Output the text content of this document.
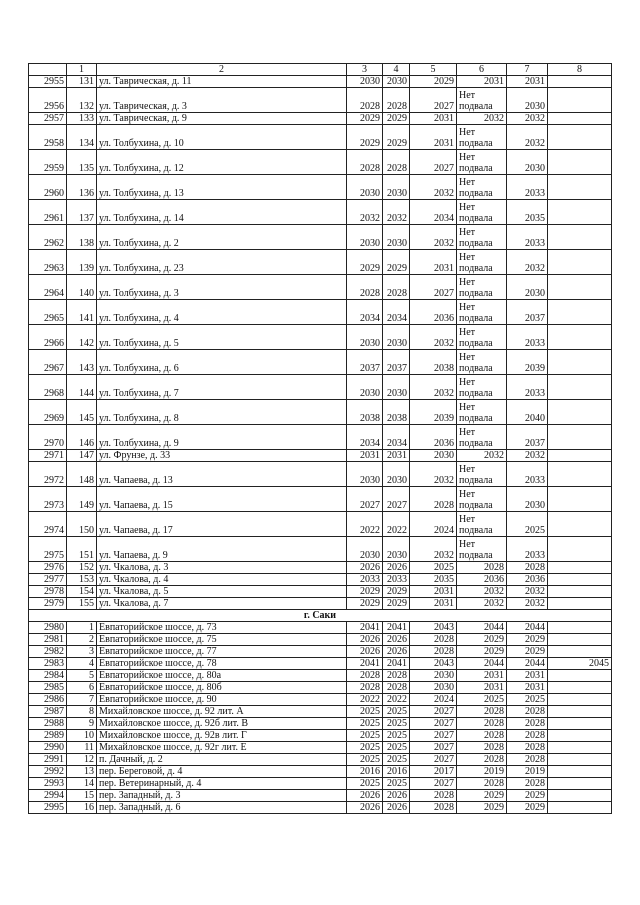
	1	2	3	4	5	6	7	8
2955	131	ул. Таврическая, д. 11	2030	2030	2029	2031	2031	
2956	132	ул. Таврическая, д. 3	2028	2028	2027	Нет подвала	2030	
2957	133	ул. Таврическая, д. 9	2029	2029	2031	2032	2032	
2958	134	ул. Толбухина, д. 10	2029	2029	2031	Нет подвала	2032	
2959	135	ул. Толбухина, д. 12	2028	2028	2027	Нет подвала	2030	
2960	136	ул. Толбухина, д. 13	2030	2030	2032	Нет подвала	2033	
2961	137	ул. Толбухина, д. 14	2032	2032	2034	Нет подвала	2035	
2962	138	ул. Толбухина, д. 2	2030	2030	2032	Нет подвала	2033	
2963	139	ул. Толбухина, д. 23	2029	2029	2031	Нет подвала	2032	
2964	140	ул. Толбухина, д. 3	2028	2028	2027	Нет подвала	2030	
2965	141	ул. Толбухина, д. 4	2034	2034	2036	Нет подвала	2037	
2966	142	ул. Толбухина, д. 5	2030	2030	2032	Нет подвала	2033	
2967	143	ул. Толбухина, д. 6	2037	2037	2038	Нет подвала	2039	
2968	144	ул. Толбухина, д. 7	2030	2030	2032	Нет подвала	2033	
2969	145	ул. Толбухина, д. 8	2038	2038	2039	Нет подвала	2040	
2970	146	ул. Толбухина, д. 9	2034	2034	2036	Нет подвала	2037	
2971	147	ул. Фрунзе, д. 33	2031	2031	2030	2032	2032	
2972	148	ул. Чапаева, д. 13	2030	2030	2032	Нет подвала	2033	
2973	149	ул. Чапаева, д. 15	2027	2027	2028	Нет подвала	2030	
2974	150	ул. Чапаева, д. 17	2022	2022	2024	Нет подвала	2025	
2975	151	ул. Чапаева, д. 9	2030	2030	2032	Нет подвала	2033	
2976	152	ул. Чкалова, д. 3	2026	2026	2025	2028	2028	
2977	153	ул. Чкалова, д. 4	2033	2033	2035	2036	2036	
2978	154	ул. Чкалова, д. 5	2029	2029	2031	2032	2032	
2979	155	ул. Чкалова, д. 7	2029	2029	2031	2032	2032	
г. Саки								
2980	1	Евпаторийское шоссе, д. 73	2041	2041	2043	2044	2044	
2981	2	Евпаторийское шоссе, д. 75	2026	2026	2028	2029	2029	
2982	3	Евпаторийское шоссе, д. 77	2026	2026	2028	2029	2029	
2983	4	Евпаторийское шоссе, д. 78	2041	2041	2043	2044	2044	2045
2984	5	Евпаторийское шоссе, д. 80а	2028	2028	2030	2031	2031	
2985	6	Евпаторийское шоссе, д. 80б	2028	2028	2030	2031	2031	
2986	7	Евпаторийское шоссе, д. 90	2022	2022	2024	2025	2025	
2987	8	Михайловское шоссе, д. 92 лит. А	2025	2025	2027	2028	2028	
2988	9	Михайловское шоссе, д. 92б лит. В	2025	2025	2027	2028	2028	
2989	10	Михайловское шоссе, д. 92в лит. Г	2025	2025	2027	2028	2028	
2990	11	Михайловское шоссе, д. 92г лит. Е	2025	2025	2027	2028	2028	
2991	12	п. Дачный, д. 2	2025	2025	2027	2028	2028	
2992	13	пер. Береговой, д. 4	2016	2016	2017	2019	2019	
2993	14	пер. Ветеринарный, д. 4	2025	2025	2027	2028	2028	
2994	15	пер. Западный, д. 3	2026	2026	2028	2029	2029	
2995	16	пер. Западный, д. 6	2026	2026	2028	2029	2029	
